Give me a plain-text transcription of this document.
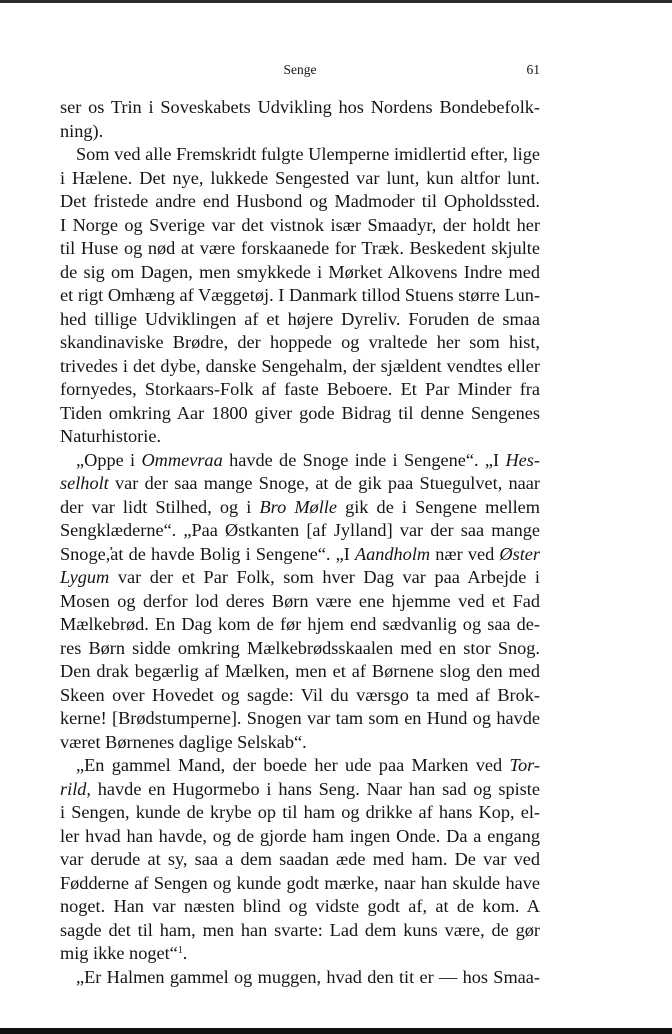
Senge	61
ser os Trin i Soveskabets Udvikling hos Nordens Bondebefolk-
ning).
Som ved alle Fremskridt fulgte Ulemperne imidlertid efter, lige
i Hælene. Det nye, lukkede Sengested var lunt, kun altfor lunt.
Det fristede andre end Husbond og Madmoder til Opholdssted.
I Norge og Sverige var det vistnok især Smaadyr, der holdt her
til Huse og nød at være forskaanede for Træk. Beskedent skjulte
de sig om Dagen, men smykkede i Mørket Alkovens Indre med
et rigt Omhæng af Væggetøj. I Danmark tillod Stuens større Lun-
hed tillige Udviklingen af et højere Dyreliv. Foruden de smaa
skandinaviske Brødre, der hoppede og vraltede her som hist,
trivedes i det dybe, danske Sengehalm, der sjældent vendtes eller
fornyedes, Storkaars-Folk af faste Beboere. Et Par Minder fra
Tiden omkring Aar 1800 giver gode Bidrag til denne Sengenes
Naturhistorie.
„Oppe i Ommevraa havde de Snoge inde i Sengene“. „I Hes-
selholt var der saa mange Snoge, at de gik paa Stuegulvet, naar
der var lidt Stilhed, og i Bro Mølle gik de i Sengene mellem
Sengklæderne“. „Paa Østkanten [af Jylland] var der saa mange
Snoge,̕at de havde Bolig i Sengene“. „I Aandholm nær ved Øster
Lygum var der et Par Folk, som hver Dag var paa Arbejde i
Mosen og derfor lod deres Børn være ene hjemme ved et Fad
Mælkebrød. En Dag kom de før hjem end sædvanlig og saa de-
res Børn sidde omkring Mælkebrødsskaalen med en stor Snog.
Den drak begærlig af Mælken, men et af Børnene slog den med
Skeen over Hovedet og sagde: Vil du værsgo ta med af Brok-
kerne! [Brødstumperne]. Snogen var tam som en Hund og havde
været Børnenes daglige Selskab“.
„En gammel Mand, der boede her ude paa Marken ved Tor-
rild, havde en Hugormebo i hans Seng. Naar han sad og spiste
i Sengen, kunde de krybe op til ham og drikke af hans Kop, el-
ler hvad han havde, og de gjorde ham ingen Onde. Da a engang
var derude at sy, saa a dem saadan æde med ham. De var ved
Fødderne af Sengen og kunde godt mærke, naar han skulde have
noget. Han var næsten blind og vidste godt af, at de kom. A
sagde det til ham, men han svarte: Lad dem kuns være, de gør
mig ikke noget“$^1$.
„Er Halmen gammel og muggen, hvad den tit er — hos Smaa-
